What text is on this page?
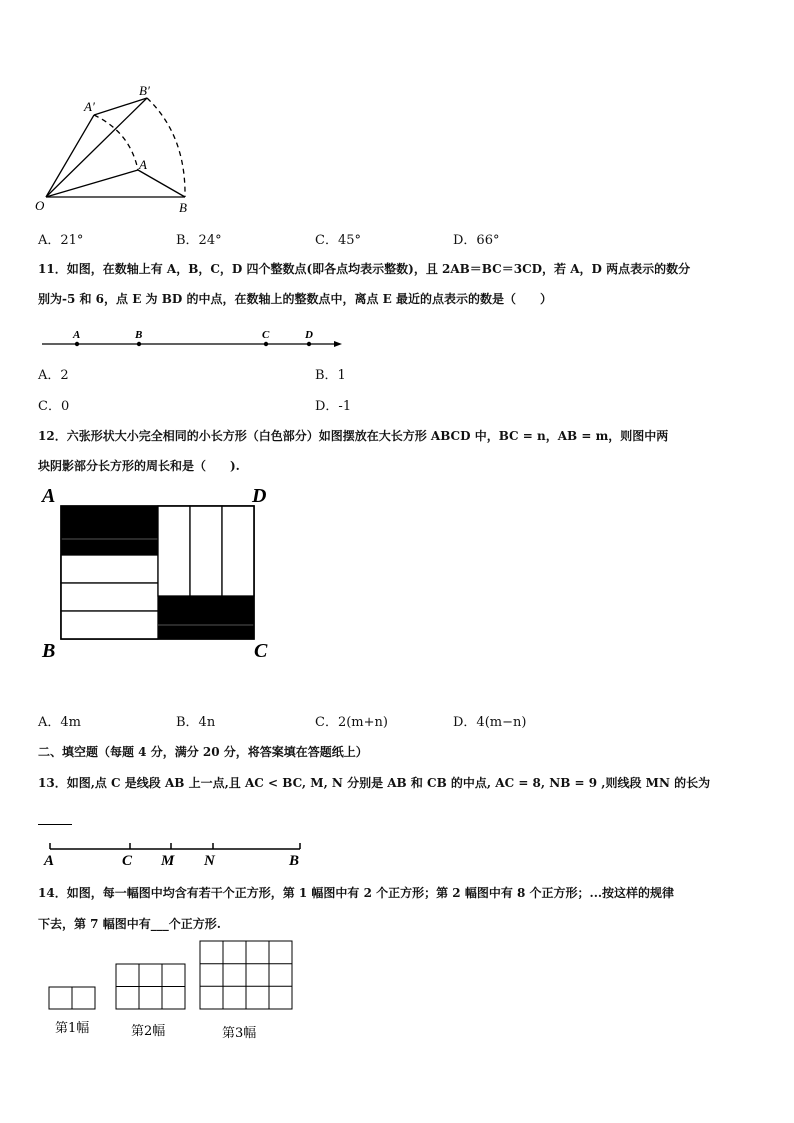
O	B
A
A′
B′
A．21°	B．24°	C．45°	D．66°
11．如图，在数轴上有 A，B，C，D 四个整数点(即各点均表示整数)，且 2AB＝BC＝3CD，若 A，D 两点表示的数分
别为-5 和 6，点 E 为 BD 的中点，在数轴上的整数点中，离点 E 最近的点表示的数是（　　）
A	B	C	D
A．2	B．1
C．0	D．-1
12．六张形状大小完全相同的小长方形（白色部分）如图摆放在大长方形 ABCD 中，BC = n，AB = m，则图中两
块阴影部分长方形的周长和是（　　).
A	D
B	C
A．4m	B．4n	C．2(m+n)	D．4(m−n)
二、填空题（每题 4 分，满分 20 分，将答案填在答题纸上）
13．如图,点 C 是线段 AB 上一点,且 AC < BC, M, N 分别是 AB 和 CB 的中点, AC = 8, NB = 9 ,则线段 MN 的长为
A	C M N	B
14．如图，每一幅图中均含有若干个正方形，第 1 幅图中有 2 个正方形；第 2 幅图中有 8 个正方形；...按这样的规律
下去，第 7 幅图中有___个正方形.
第1幅	第2幅	第3幅
